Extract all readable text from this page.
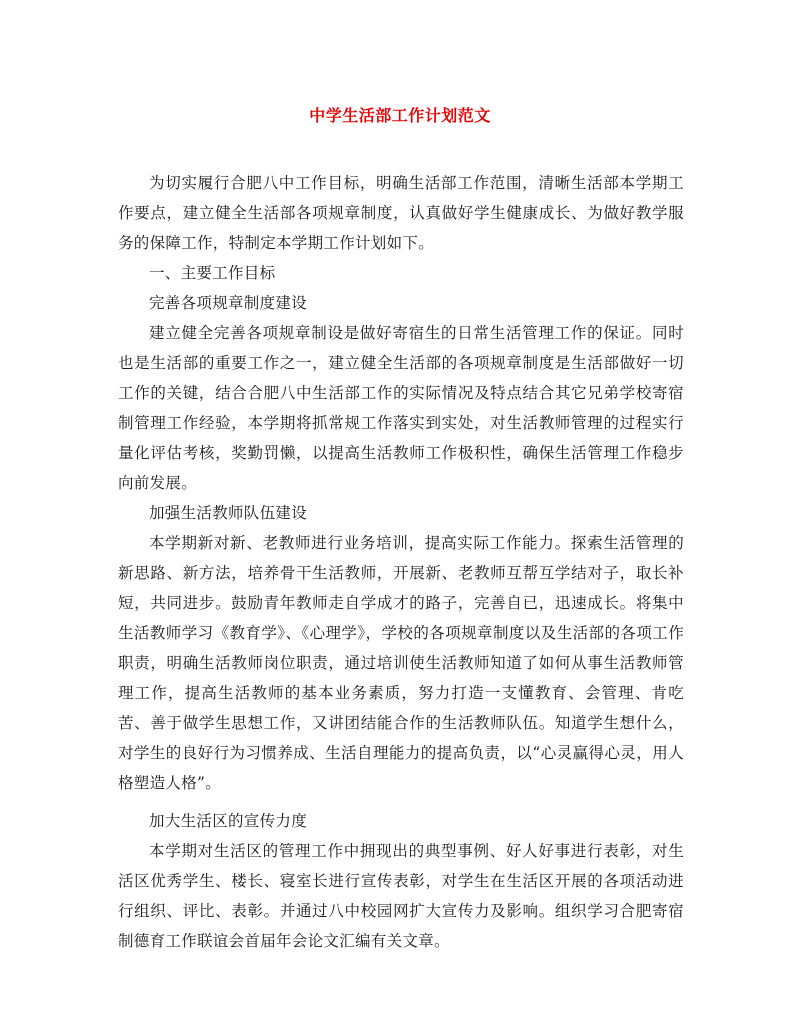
中学生活部工作计划范文

为切实履行合肥八中工作目标，明确生活部工作范围，清晰生活部本学期工作要点，建立健全生活部各项规章制度，认真做好学生健康成长、为做好教学服务的保障工作，特制定本学期工作计划如下。

一、主要工作目标

完善各项规章制度建设

建立健全完善各项规章制设是做好寄宿生的日常生活管理工作的保证。同时也是生活部的重要工作之一，建立健全生活部的各项规章制度是生活部做好一切工作的关键，结合合肥八中生活部工作的实际情况及特点结合其它兄弟学校寄宿制管理工作经验，本学期将抓常规工作落实到实处，对生活教师管理的过程实行量化评估考核，奖勤罚懒，以提高生活教师工作极积性，确保生活管理工作稳步向前发展。

加强生活教师队伍建设

本学期新对新、老教师进行业务培训，提高实际工作能力。探索生活管理的新思路、新方法，培养骨干生活教师，开展新、老教师互帮互学结对子，取长补短，共同进步。鼓励青年教师走自学成才的路子，完善自已，迅速成长。将集中生活教师学习《教育学》、《心理学》，学校的各项规章制度以及生活部的各项工作职责，明确生活教师岗位职责，通过培训使生活教师知道了如何从事生活教师管理工作，提高生活教师的基本业务素质，努力打造一支懂教育、会管理、肯吃苦、善于做学生思想工作，又讲团结能合作的生活教师队伍。知道学生想什么，对学生的良好行为习惯养成、生活自理能力的提高负责，以“心灵赢得心灵，用人格塑造人格”。

加大生活区的宣传力度

本学期对生活区的管理工作中拥现出的典型事例、好人好事进行表彰，对生活区优秀学生、楼长、寝室长进行宣传表彰，对学生在生活区开展的各项活动进行组织、评比、表彰。并通过八中校园网扩大宣传力及影响。组织学习合肥寄宿制德育工作联谊会首届年会论文汇编有关文章。
